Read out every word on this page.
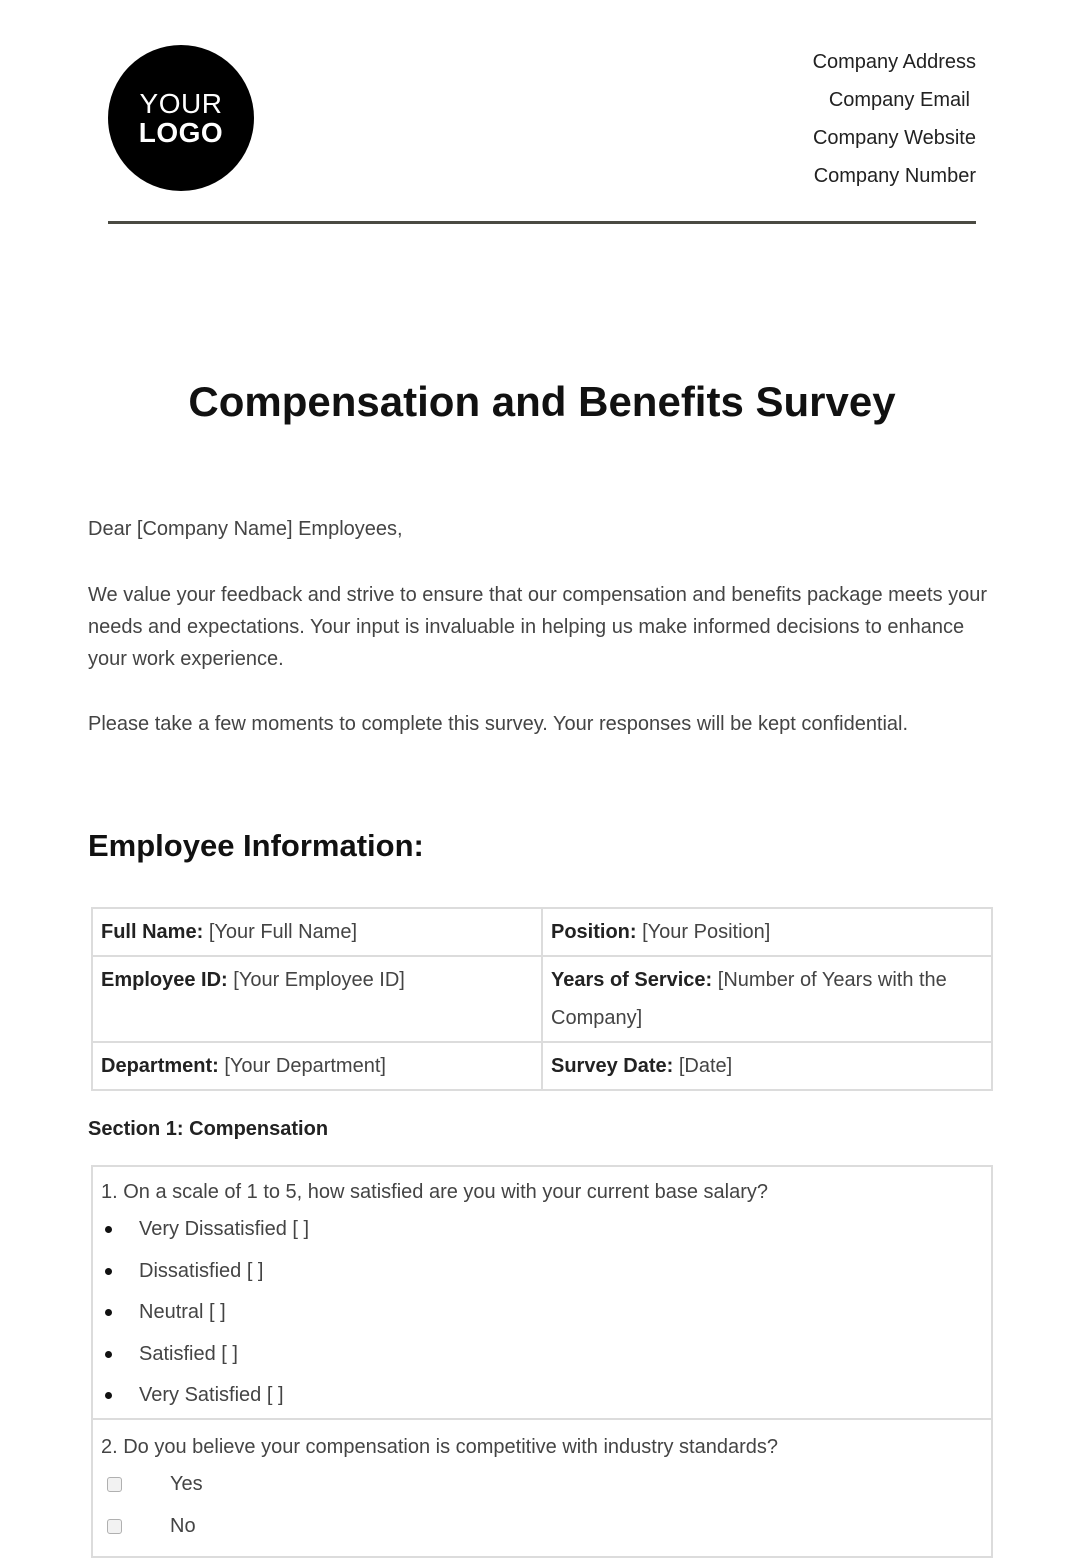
YOUR
LOGO
Company Address
Company Email
Company Website
Company Number
Compensation and Benefits Survey

Dear [Company Name] Employees,

We value your feedback and strive to ensure that our compensation and benefits package meets your needs and expectations. Your input is invaluable in helping us make informed decisions to enhance your work experience.

Please take a few moments to complete this survey. Your responses will be kept confidential.

Employee Information:
Full Name: [Your Full Name]	Position: [Your Position]
Employee ID: [Your Employee ID]	Years of Service: [Number of Years with the Company]
Department: [Your Department]	Survey Date: [Date]
Section 1: Compensation
1. On a scale of 1 to 5, how satisfied are you with your current base salary?
Very Dissatisfied [ ]
Dissatisfied [ ]
Neutral [ ]
Satisfied [ ]
Very Satisfied [ ]
2. Do you believe your compensation is competitive with industry standards?
Yes
No
